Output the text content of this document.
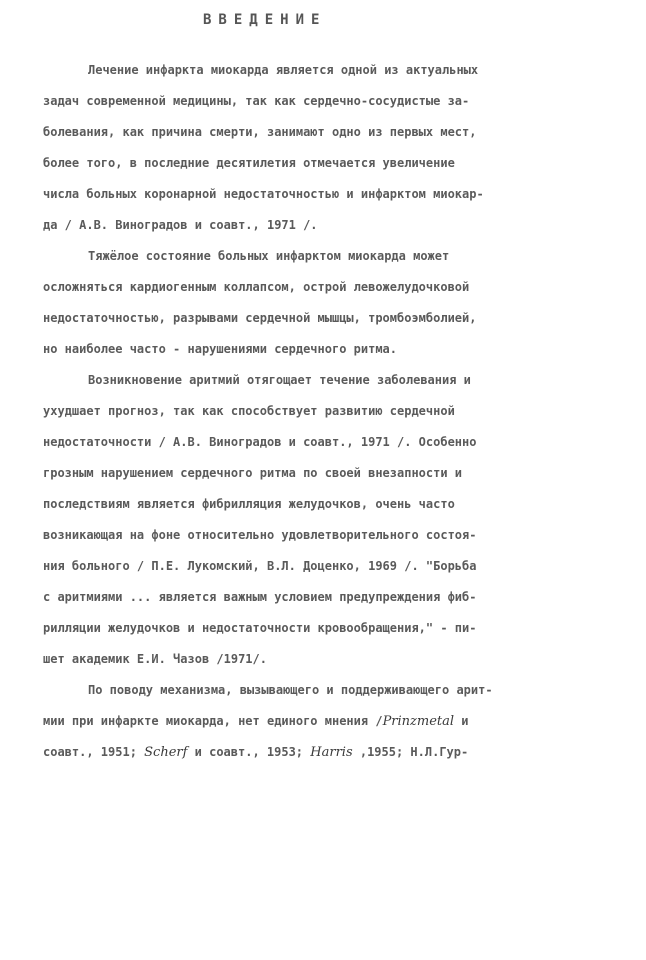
ВВЕДЕНИЕ
Лечение инфаркта миокарда является одной из актуальных
задач современной медицины, так как сердечно-сосудистые за-
болевания, как причина смерти, занимают одно из первых мест,
более того, в последние десятилетия отмечается увеличение
числа больных коронарной недостаточностью и инфарктом миокар-
да / А.В. Виноградов и соавт., 1971 /.
Тяжёлое состояние больных инфарктом миокарда может
осложняться кардиогенным коллапсом, острой левожелудочковой
недостаточностью, разрывами сердечной мышцы, тромбоэмболией,
но наиболее часто - нарушениями сердечного ритма.
Возникновение аритмий отягощает течение заболевания и
ухудшает прогноз, так как способствует развитию сердечной
недостаточности / А.В. Виноградов и соавт., 1971 /. Особенно
грозным нарушением сердечного ритма по своей внезапности и
последствиям является фибрилляция желудочков, очень часто
возникающая на фоне относительно удовлетворительного состоя-
ния больного / П.Е. Лукомский, В.Л. Доценко, 1969 /. "Борьба
с аритмиями ... является важным условием предупреждения фиб-
рилляции желудочков и недостаточности кровообращения," - пи-
шет академик Е.И. Чазов /1971/.
По поводу механизма, вызывающего и поддерживающего арит-
мии при инфаркте миокарда, нет единого мнения /Prinzmetal и
соавт., 1951; Scherf и соавт., 1953; Harris ,1955; Н.Л.Гур-
